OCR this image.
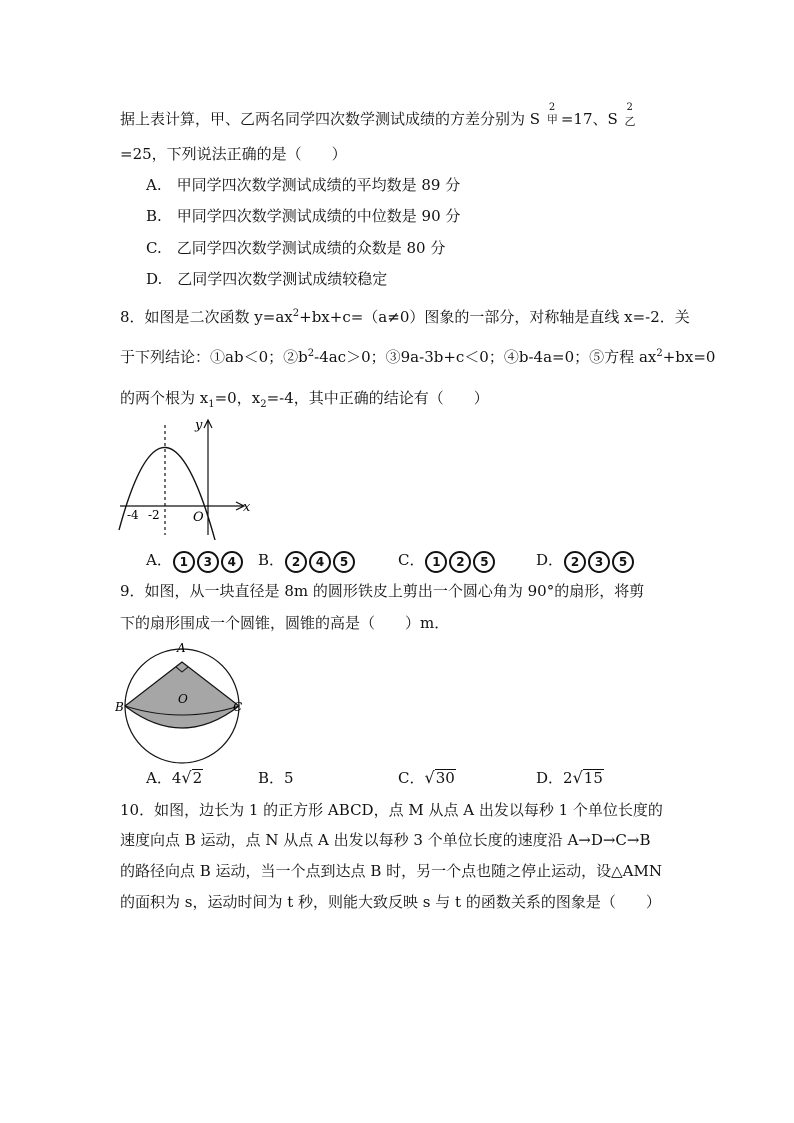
据上表计算，甲、乙两名同学四次数学测试成绩的方差分别为 S
2
甲 =17、S
2
乙
=25，下列说法正确的是（　　）
A.　甲同学四次数学测试成绩的平均数是 89 分
B.　甲同学四次数学测试成绩的中位数是 90 分
C.　乙同学四次数学测试成绩的众数是 80 分
D.　乙同学四次数学测试成绩较稳定
8．如图是二次函数 $y=ax^2+bx+c=(a\ne 0)$图象的一部分，对称轴是直线 x=-2．关
于下列结论：①ab＜0；$②b^2-4ac>0$；③9a-3b+c＜0；④b-4a=0；⑤方程 $ax^2+bx=0$
的两个根为 $x_1=0$，$x_2=-4$，其中正确的结论有（　　）
y
x
O
-4 -2
A． 1 3 4	B． 2 4 5	C． 1 2 5	D． 2 3 5
9．如图，从一块直径是 8m 的圆形铁皮上剪出一个圆心角为 90°的扇形，将剪
下的扇形围成一个圆锥，圆锥的高是（　　）m．
A
B	C
O
A．4√2	B．5	C．√30	D．2√15
10．如图，边长为 1 的正方形 ABCD，点 M 从点 A 出发以每秒 1 个单位长度的
速度向点 B 运动，点 N 从点 A 出发以每秒 3 个单位长度的速度沿 A→D→C→B
的路径向点 B 运动，当一个点到达点 B 时，另一个点也随之停止运动，设△AMN
的面积为 s，运动时间为 t 秒，则能大致反映 s 与 t 的函数关系的图象是（　　）
